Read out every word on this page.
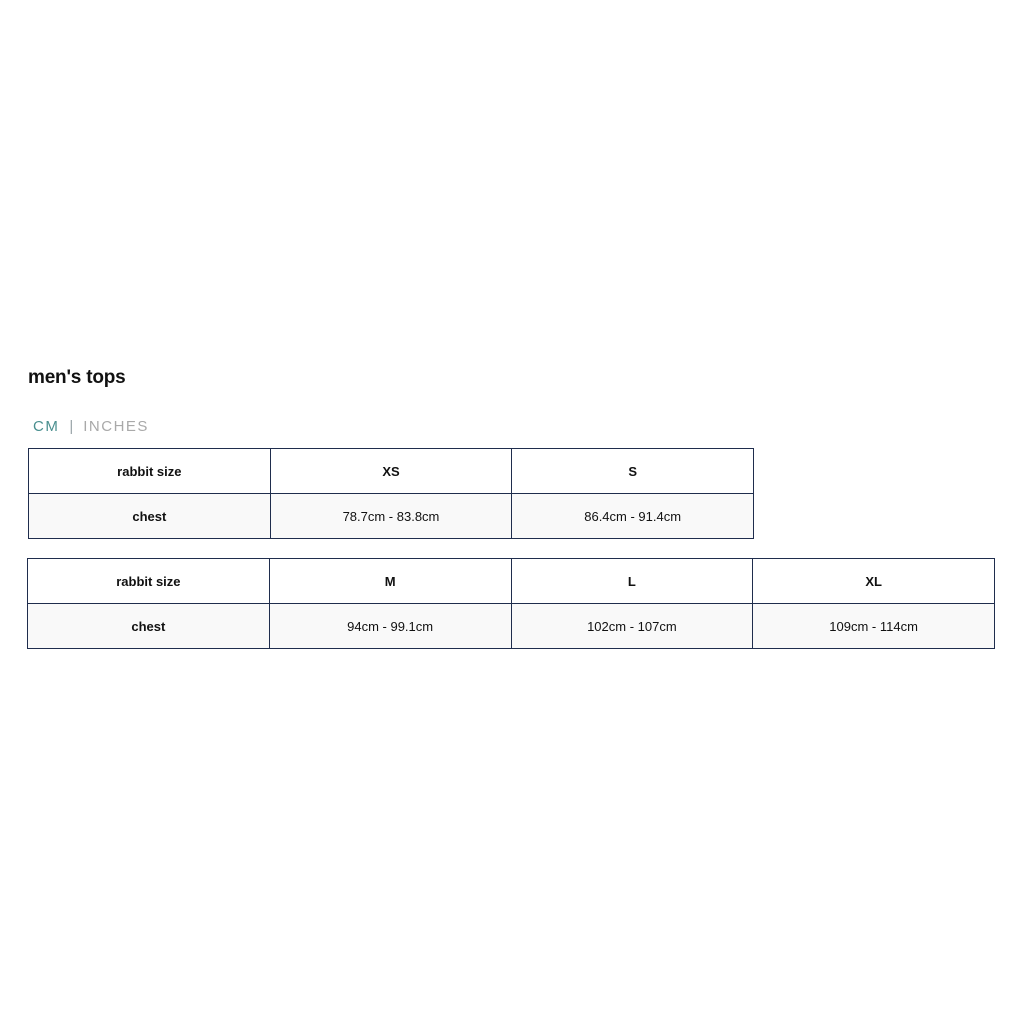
men's tops
CM | INCHES
rabbit size	XS	S
chest	78.7cm - 83.8cm	86.4cm - 91.4cm
rabbit size	M	L	XL
chest	94cm - 99.1cm	102cm - 107cm	109cm - 114cm
